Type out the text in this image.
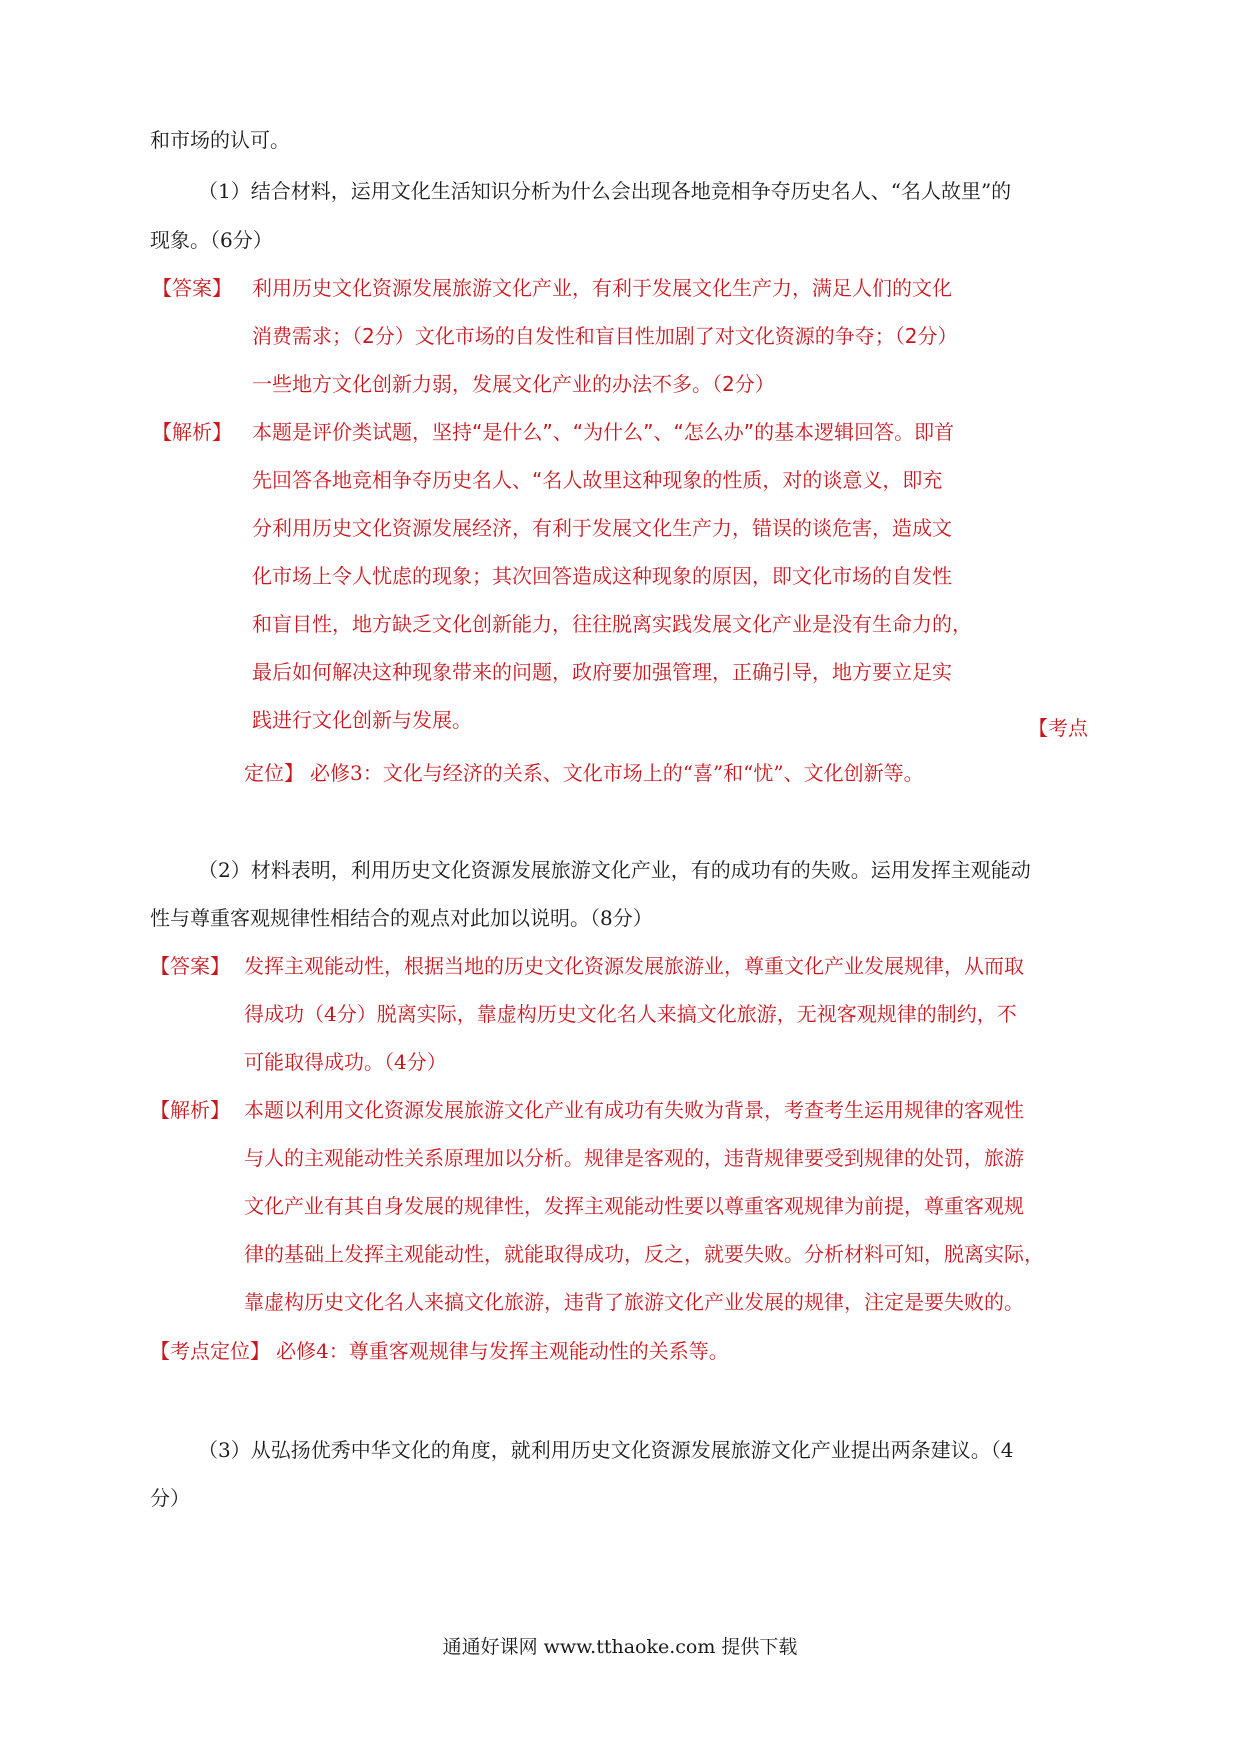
和市场的认可。
（1）结合材料，运用文化生活知识分析为什么会出现各地竞相争夺历史名人、“名人故里”的
现象。（6分）
【答案】 利用历史文化资源发展旅游文化产业，有利于发展文化生产力，满足人们的文化
消费需求；（2分）文化市场的自发性和盲目性加剧了对文化资源的争夺；（2分）
一些地方文化创新力弱，发展文化产业的办法不多。（2分）
【解析】 本题是评价类试题，坚持“是什么”、“为什么”、“怎么办”的基本逻辑回答。即首
先回答各地竞相争夺历史名人、“名人故里这种现象的性质，对的谈意义，即充
分利用历史文化资源发展经济，有利于发展文化生产力，错误的谈危害，造成文
化市场上令人忧虑的现象；其次回答造成这种现象的原因，即文化市场的自发性
和盲目性，地方缺乏文化创新能力，往往脱离实践发展文化产业是没有生命力的，
最后如何解决这种现象带来的问题，政府要加强管理，正确引导，地方要立足实
践进行文化创新与发展。	【考点
定位】 必修3：文化与经济的关系、文化市场上的“喜”和“忧”、文化创新等。
（2）材料表明，利用历史文化资源发展旅游文化产业，有的成功有的失败。运用发挥主观能动
性与尊重客观规律性相结合的观点对此加以说明。（8分）
【答案】 发挥主观能动性，根据当地的历史文化资源发展旅游业，尊重文化产业发展规律，从而取
得成功（4分）脱离实际，靠虚构历史文化名人来搞文化旅游，无视客观规律的制约，不
可能取得成功。（4分）
【解析】 本题以利用文化资源发展旅游文化产业有成功有失败为背景，考查考生运用规律的客观性
与人的主观能动性关系原理加以分析。规律是客观的，违背规律要受到规律的处罚，旅游
文化产业有其自身发展的规律性，发挥主观能动性要以尊重客观规律为前提，尊重客观规
律的基础上发挥主观能动性，就能取得成功，反之，就要失败。分析材料可知，脱离实际，
靠虚构历史文化名人来搞文化旅游，违背了旅游文化产业发展的规律，注定是要失败的。
【考点定位】 必修4：尊重客观规律与发挥主观能动性的关系等。
（3）从弘扬优秀中华文化的角度，就利用历史文化资源发展旅游文化产业提出两条建议。（4
分）
通通好课网 www.tthaoke.com 提供下载
